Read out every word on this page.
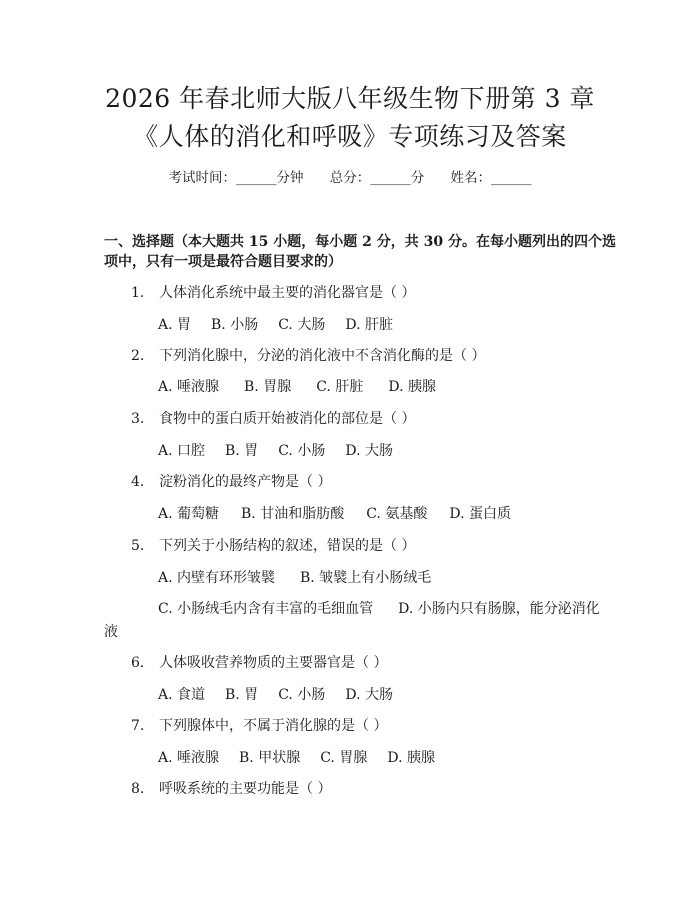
2026 年春北师大版八年级生物下册第 3 章
《人体的消化和呼吸》专项练习及答案
考试时间：______分钟 总分：______分 姓名：______
一、选择题（本大题共 15 小题，每小题 2 分，共 30 分。在每小题列出的四个选
项中，只有一项是最符合题目要求的）
1. 人体消化系统中最主要的消化器官是（ ）
A. 胃 B. 小肠 C. 大肠 D. 肝脏
2. 下列消化腺中，分泌的消化液中不含消化酶的是（ ）
A. 唾液腺 B. 胃腺 C. 肝脏 D. 胰腺
3. 食物中的蛋白质开始被消化的部位是（ ）
A. 口腔 B. 胃 C. 小肠 D. 大肠
4. 淀粉消化的最终产物是（ ）
A. 葡萄糖 B. 甘油和脂肪酸 C. 氨基酸 D. 蛋白质
5. 下列关于小肠结构的叙述，错误的是（ ）
A. 内壁有环形皱襞 B. 皱襞上有小肠绒毛
C. 小肠绒毛内含有丰富的毛细血管 D. 小肠内只有肠腺，能分泌消化
液
6. 人体吸收营养物质的主要器官是（ ）
A. 食道 B. 胃 C. 小肠 D. 大肠
7. 下列腺体中，不属于消化腺的是（ ）
A. 唾液腺 B. 甲状腺 C. 胃腺 D. 胰腺
8. 呼吸系统的主要功能是（ ）
